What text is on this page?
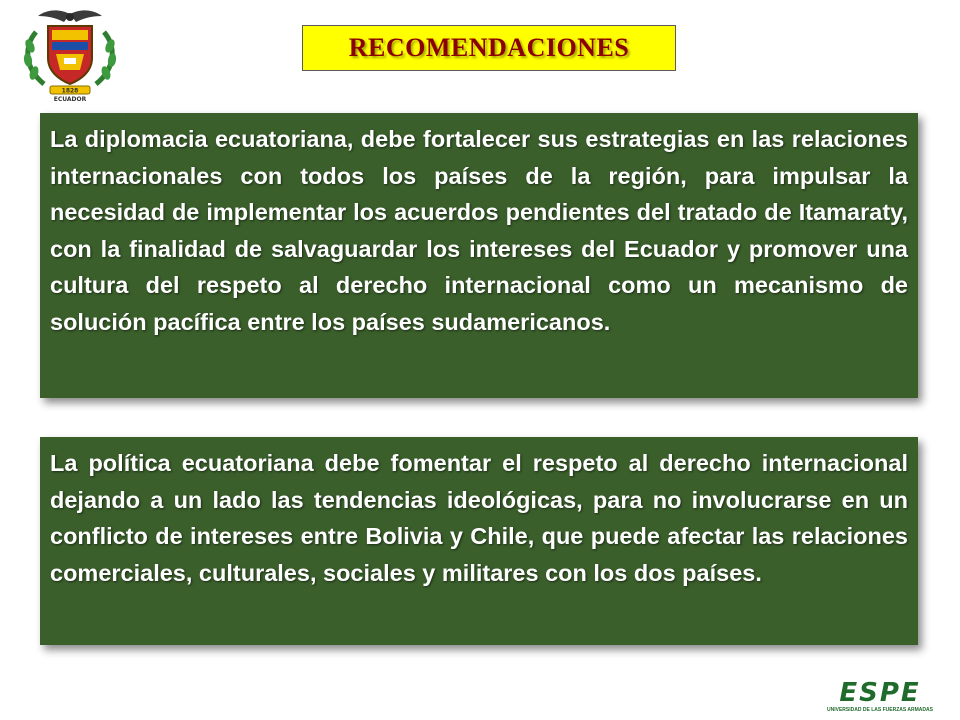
1828
ECUADOR
RECOMENDACIONES

La diplomacia ecuatoriana, debe fortalecer sus estrategias en las relaciones internacionales con todos los países de la región, para impulsar la necesidad de implementar los acuerdos pendientes del tratado de Itamaraty, con la finalidad de salvaguardar los intereses del Ecuador y promover una cultura del respeto al derecho internacional como un mecanismo de solución pacífica entre los países sudamericanos.

La política ecuatoriana debe fomentar el respeto al derecho internacional dejando a un lado las tendencias ideológicas, para no involucrarse en un conflicto de intereses entre Bolivia y Chile, que puede afectar las relaciones comerciales, culturales, sociales y militares con los dos países.

ESPE
UNIVERSIDAD DE LAS FUERZAS ARMADAS
